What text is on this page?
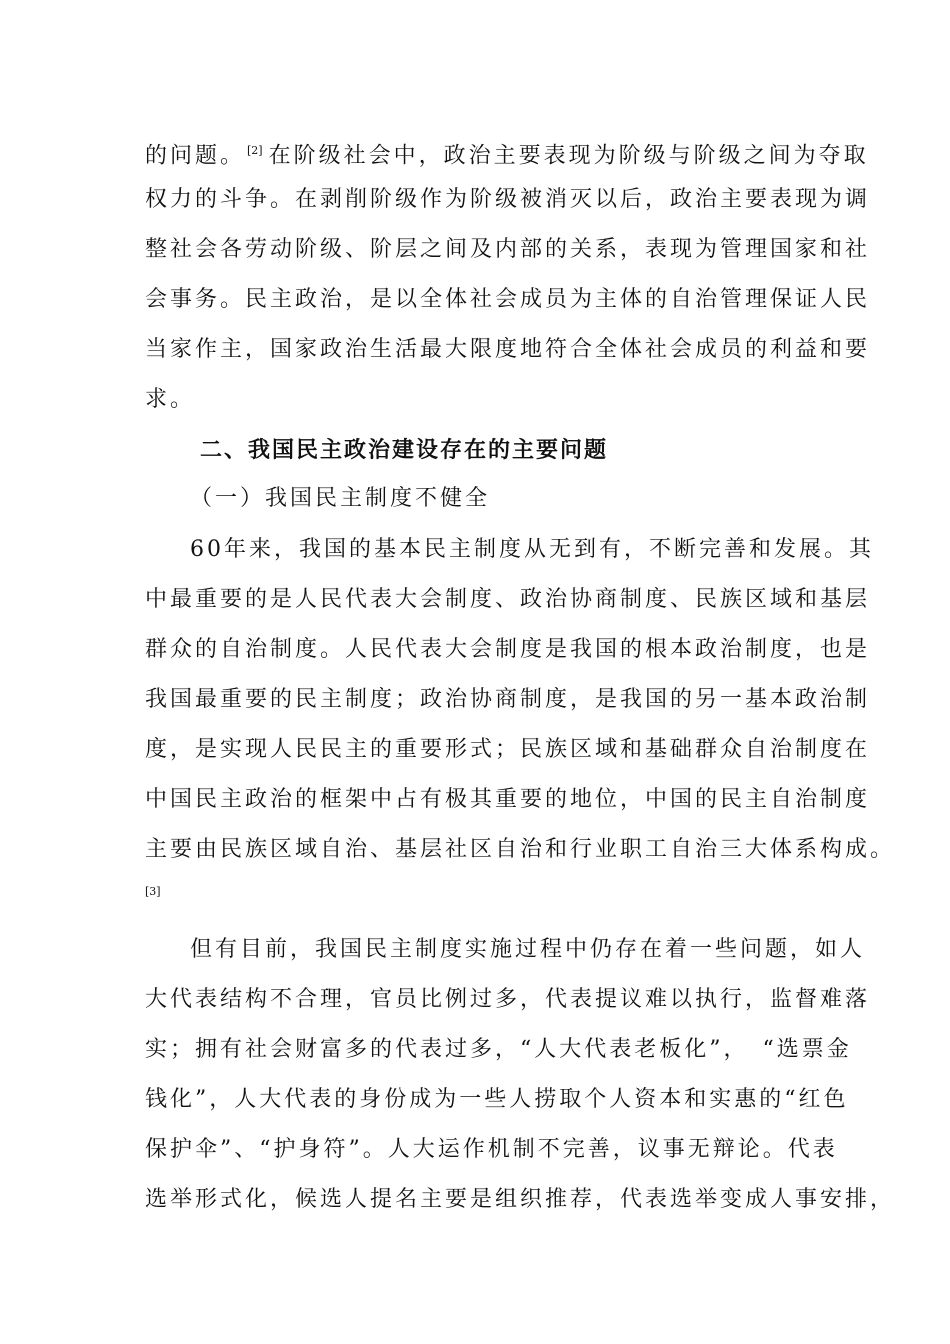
的问题。 [2] 在阶级社会中，政治主要表现为阶级与阶级之间为夺取
权力的斗争。在剥削阶级作为阶级被消灭以后，政治主要表现为调
整社会各劳动阶级、阶层之间及内部的关系，表现为管理国家和社
会事务。民主政治，是以全体社会成员为主体的自治管理保证人民
当家作主，国家政治生活最大限度地符合全体社会成员的利益和要
求。
二、我国民主政治建设存在的主要问题
（一）我国民主制度不健全
60年来，我国的基本民主制度从无到有，不断完善和发展。其
中最重要的是人民代表大会制度、政治协商制度、民族区域和基层
群众的自治制度。人民代表大会制度是我国的根本政治制度，也是
我国最重要的民主制度；政治协商制度，是我国的另一基本政治制
度，是实现人民民主的重要形式；民族区域和基础群众自治制度在
中国民主政治的框架中占有极其重要的地位，中国的民主自治制度
主要由民族区域自治、基层社区自治和行业职工自治三大体系构成。
[3]
但有目前，我国民主制度实施过程中仍存在着一些问题，如人
大代表结构不合理，官员比例过多，代表提议难以执行，监督难落
实；拥有社会财富多的代表过多，“人大代表老板化”，　“选票金
钱化”，人大代表的身份成为一些人捞取个人资本和实惠的“红色
保护伞”、“护身符”。人大运作机制不完善，议事无辩论。代表
选举形式化，候选人提名主要是组织推荐，代表选举变成人事安排，
